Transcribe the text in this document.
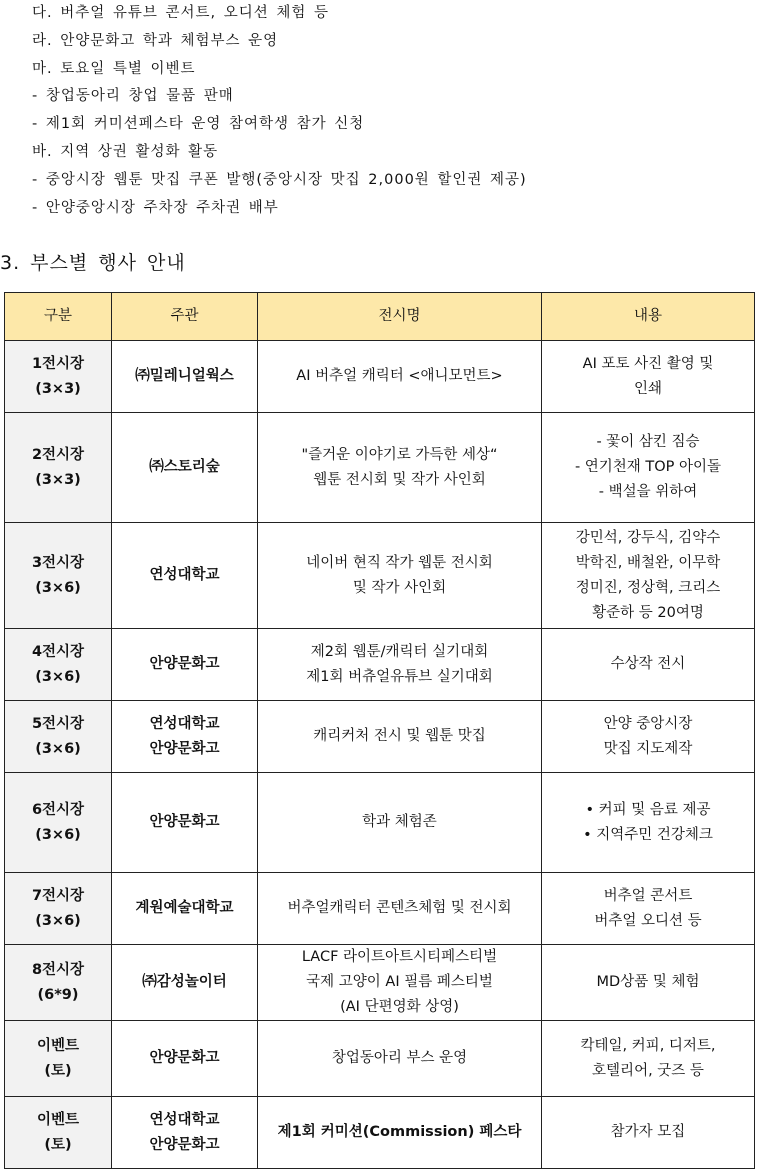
다. 버추얼 유튜브 콘서트, 오디션 체험 등
라. 안양문화고 학과 체험부스 운영
마. 토요일 특별 이벤트
- 창업동아리 창업 물품 판매
- 제1회 커미션페스타 운영 참여학생 참가 신청
바. 지역 상권 활성화 활동
- 중앙시장 웹툰 맛집 쿠폰 발행(중앙시장 맛집 2,000원 할인권 제공)
- 안양중앙시장 주차장 주차권 배부
3. 부스별 행사 안내
구분	주관	전시명	내용

1전시장
(3×3)	㈜밀레니얼웍스	AI 버추얼 캐릭터 <애니모먼트>	AI 포토 사진 촬영 및
인쇄

2전시장
(3×3)	㈜스토리숲	"즐거운 이야기로 가득한 세상“
웹툰 전시회 및 작가 사인회	- 꽃이 삼킨 짐승
- 연기천재 TOP 아이돌
- 백설을 위하여

3전시장
(3×6)	연성대학교	네이버 현직 작가 웹툰 전시회
및 작가 사인회	강민석, 강두식, 김약수
박학진, 배철완, 이무학
정미진, 정상혁, 크리스
황준하 등 20여명

4전시장
(3×6)	안양문화고	제2회 웹툰/캐릭터 실기대회
제1회 버츄얼유튜브 실기대회	수상작 전시

5전시장
(3×6)	연성대학교
안양문화고	캐리커처 전시 및 웹툰 맛집	안양 중앙시장
맛집 지도제작

6전시장
(3×6)	안양문화고	학과 체험존	• 커피 및 음료 제공
• 지역주민 건강체크

7전시장
(3×6)	계원예술대학교	버추얼캐릭터 콘텐츠체험 및 전시회	버추얼 콘서트
버추얼 오디션 등

8전시장
(6*9)	㈜감성놀이터	LACF 라이트아트시티페스티벌
국제 고양이 AI 필름 페스티벌
(AI 단편영화 상영)	MD상품 및 체험

이벤트
(토)	안양문화고	창업동아리 부스 운영	칵테일, 커피, 디저트,
호텔리어, 굿즈 등

이벤트
(토)	연성대학교
안양문화고	제1회 커미션(Commission) 페스타	참가자 모집
